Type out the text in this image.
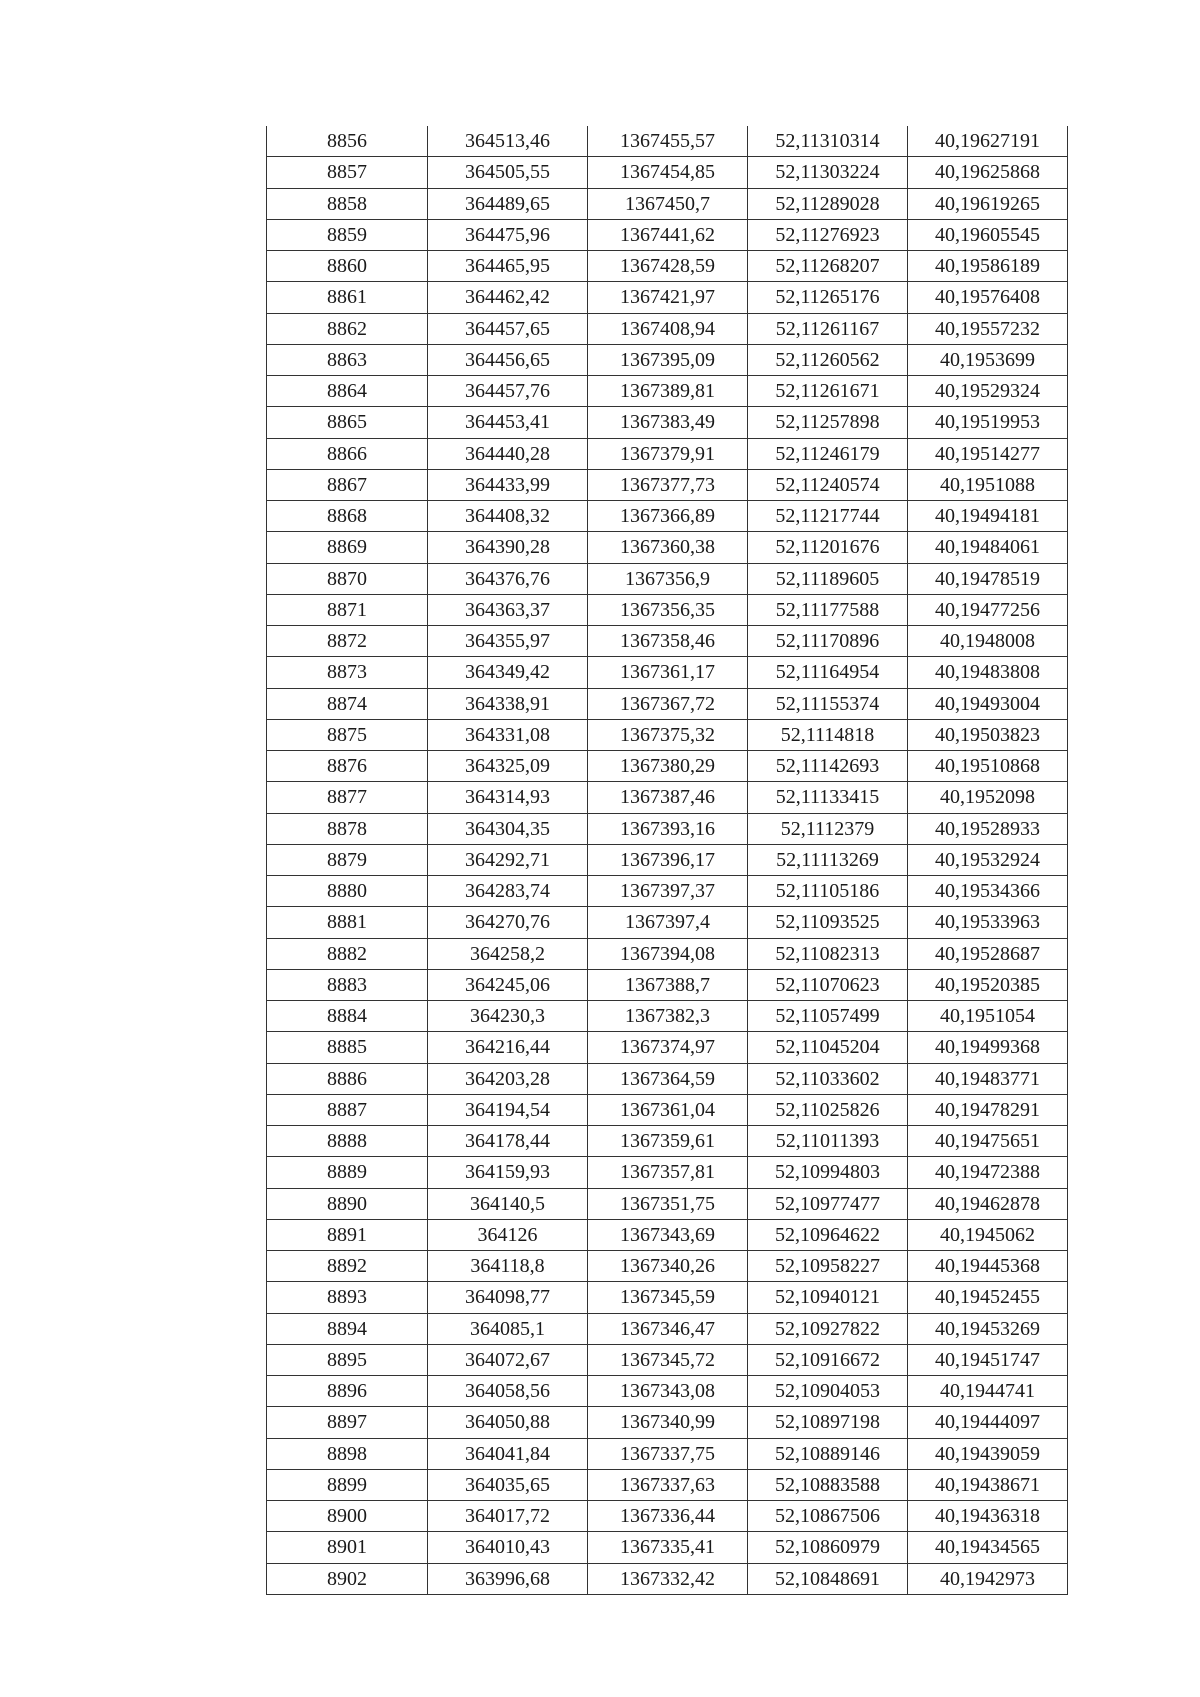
8856	364513,46	1367455,57	52,11310314	40,19627191
8857	364505,55	1367454,85	52,11303224	40,19625868
8858	364489,65	1367450,7	52,11289028	40,19619265
8859	364475,96	1367441,62	52,11276923	40,19605545
8860	364465,95	1367428,59	52,11268207	40,19586189
8861	364462,42	1367421,97	52,11265176	40,19576408
8862	364457,65	1367408,94	52,11261167	40,19557232
8863	364456,65	1367395,09	52,11260562	40,1953699
8864	364457,76	1367389,81	52,11261671	40,19529324
8865	364453,41	1367383,49	52,11257898	40,19519953
8866	364440,28	1367379,91	52,11246179	40,19514277
8867	364433,99	1367377,73	52,11240574	40,1951088
8868	364408,32	1367366,89	52,11217744	40,19494181
8869	364390,28	1367360,38	52,11201676	40,19484061
8870	364376,76	1367356,9	52,11189605	40,19478519
8871	364363,37	1367356,35	52,11177588	40,19477256
8872	364355,97	1367358,46	52,11170896	40,1948008
8873	364349,42	1367361,17	52,11164954	40,19483808
8874	364338,91	1367367,72	52,11155374	40,19493004
8875	364331,08	1367375,32	52,1114818	40,19503823
8876	364325,09	1367380,29	52,11142693	40,19510868
8877	364314,93	1367387,46	52,11133415	40,1952098
8878	364304,35	1367393,16	52,1112379	40,19528933
8879	364292,71	1367396,17	52,11113269	40,19532924
8880	364283,74	1367397,37	52,11105186	40,19534366
8881	364270,76	1367397,4	52,11093525	40,19533963
8882	364258,2	1367394,08	52,11082313	40,19528687
8883	364245,06	1367388,7	52,11070623	40,19520385
8884	364230,3	1367382,3	52,11057499	40,1951054
8885	364216,44	1367374,97	52,11045204	40,19499368
8886	364203,28	1367364,59	52,11033602	40,19483771
8887	364194,54	1367361,04	52,11025826	40,19478291
8888	364178,44	1367359,61	52,11011393	40,19475651
8889	364159,93	1367357,81	52,10994803	40,19472388
8890	364140,5	1367351,75	52,10977477	40,19462878
8891	364126	1367343,69	52,10964622	40,1945062
8892	364118,8	1367340,26	52,10958227	40,19445368
8893	364098,77	1367345,59	52,10940121	40,19452455
8894	364085,1	1367346,47	52,10927822	40,19453269
8895	364072,67	1367345,72	52,10916672	40,19451747
8896	364058,56	1367343,08	52,10904053	40,1944741
8897	364050,88	1367340,99	52,10897198	40,19444097
8898	364041,84	1367337,75	52,10889146	40,19439059
8899	364035,65	1367337,63	52,10883588	40,19438671
8900	364017,72	1367336,44	52,10867506	40,19436318
8901	364010,43	1367335,41	52,10860979	40,19434565
8902	363996,68	1367332,42	52,10848691	40,1942973
